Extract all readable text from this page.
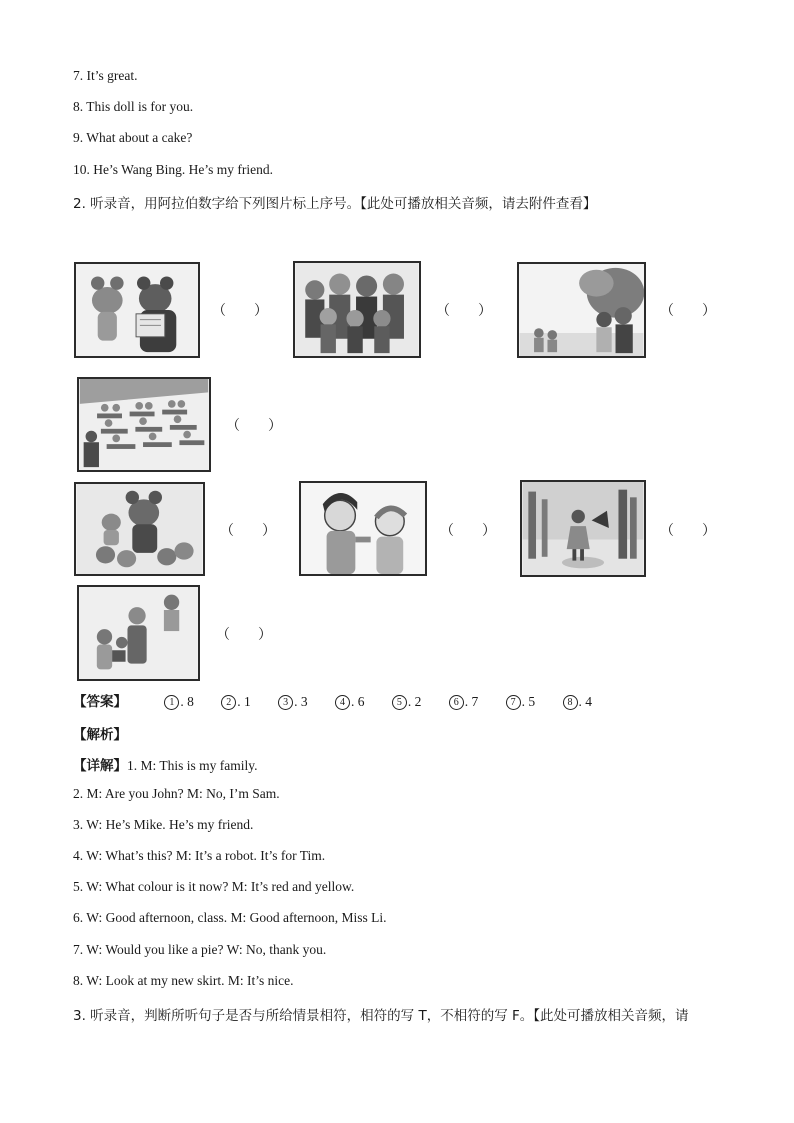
7. It’s great.
8. This doll is for you.
9. What about a cake?
10. He’s Wang Bing. He’s my friend.
2. 听录音，用阿拉伯数字给下列图片标上序号。【此处可播放相关音频，请去附件查看】
（　　）	（　　）	（　　）
（　　）
（　　）	（　　）	（　　）
（　　）
【答案】	1 . 8	2 . 1	3 . 3	4 . 6	5 . 2	6 . 7	7 . 5	8 . 4
【解析】
【详解】1. M: This is my family.
2. M: Are you John? M: No, I’m Sam.
3. W: He’s Mike. He’s my friend.
4. W: What’s this? M: It’s a robot. It’s for Tim.
5. W: What colour is it now? M: It’s red and yellow.
6. W: Good afternoon, class. M: Good afternoon, Miss Li.
7. W: Would you like a pie? W: No, thank you.
8. W: Look at my new skirt. M: It’s nice.
3. 听录音，判断所听句子是否与所给情景相符，相符的写 T，不相符的写 F。【此处可播放相关音频，请
